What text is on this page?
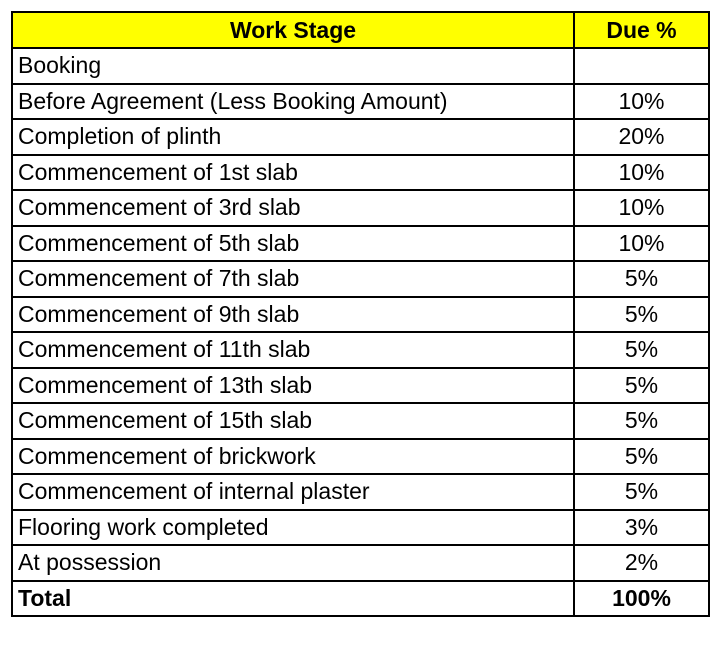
Work Stage	Due %
Booking	
Before Agreement (Less Booking Amount)	10%
Completion of plinth	20%
Commencement of 1st slab	10%
Commencement of 3rd slab	10%
Commencement of 5th slab	10%
Commencement of 7th slab	5%
Commencement of 9th slab	5%
Commencement of 11th slab	5%
Commencement of 13th slab	5%
Commencement of 15th slab	5%
Commencement of brickwork	5%
Commencement of internal plaster	5%
Flooring work completed	3%
At possession	2%
Total	100%
